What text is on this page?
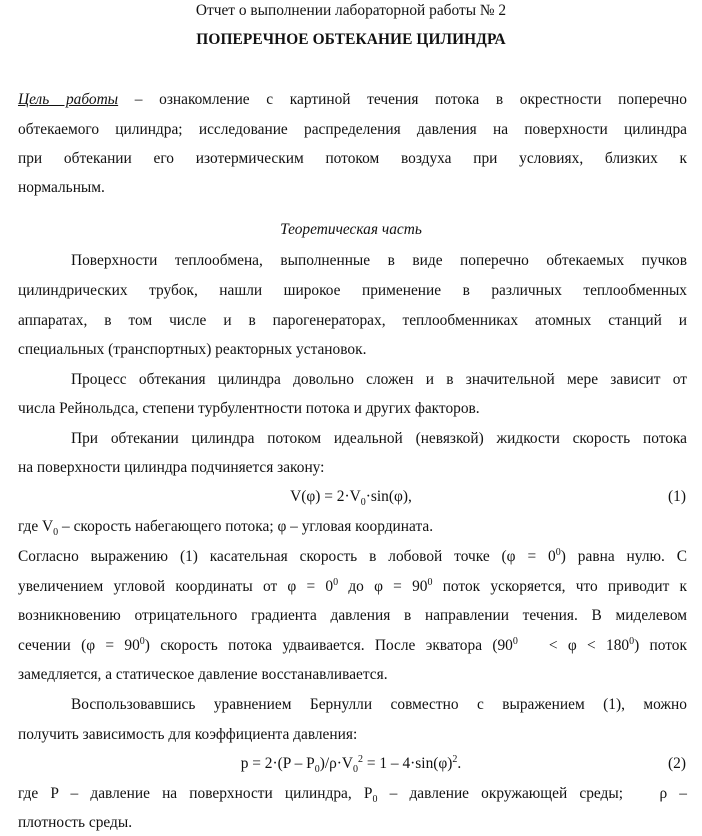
Отчет о выполнении лабораторной работы № 2
ПОПЕРЕЧНОЕ ОБТЕКАНИЕ ЦИЛИНДРА
Цель работы – ознакомление с картиной течения потока в окрестности поперечно
обтекаемого цилиндра; исследование распределения давления на поверхности цилиндра
при обтекании его изотермическим потоком воздуха при условиях, близких к
нормальным.
Теоретическая часть
Поверхности теплообмена, выполненные в виде поперечно обтекаемых пучков
цилиндрических трубок, нашли широкое применение в различных теплообменных
аппаратах, в том числе и в парогенераторах, теплообменниках атомных станций и
специальных (транспортных) реакторных установок.
Процесс обтекания цилиндра довольно сложен и в значительной мере зависит от
числа Рейнольдса, степени турбулентности потока и других факторов.
При обтекании цилиндра потоком идеальной (невязкой) жидкости скорость потока
на поверхности цилиндра подчиняется закону:
$V(\varphi) = 2\cdot V_0\cdot\sin(\varphi)$,	(1)
где $V_0$ – скорость набегающего потока; φ – угловая координата.
Согласно выражению (1) касательная скорость в лобовой точке $(\varphi = 0^0)$ равна нулю. С
увеличением угловой координаты от $\varphi = 0^0$ до $\varphi = 90^0$ поток ускоряется, что приводит к
возникновению отрицательного градиента давления в направлении течения. В миделевом
сечении $(\varphi = 90^0)$ скорость потока удваивается. После экватора $(90^0 < \varphi < 180^0)$ поток
замедляется, а статическое давление восстанавливается.
Воспользовавшись уравнением Бернулли совместно с выражением (1), можно
получить зависимость для коэффициента давления:
$p = 2\cdot(P - P_0)/\rho\cdot V_0^2 = 1 - 4\cdot\sin(\varphi)^2$.	(2)
где P – давление на поверхности цилиндра, $P_0$ – давление окружающей среды;   ρ –
плотность среды.
